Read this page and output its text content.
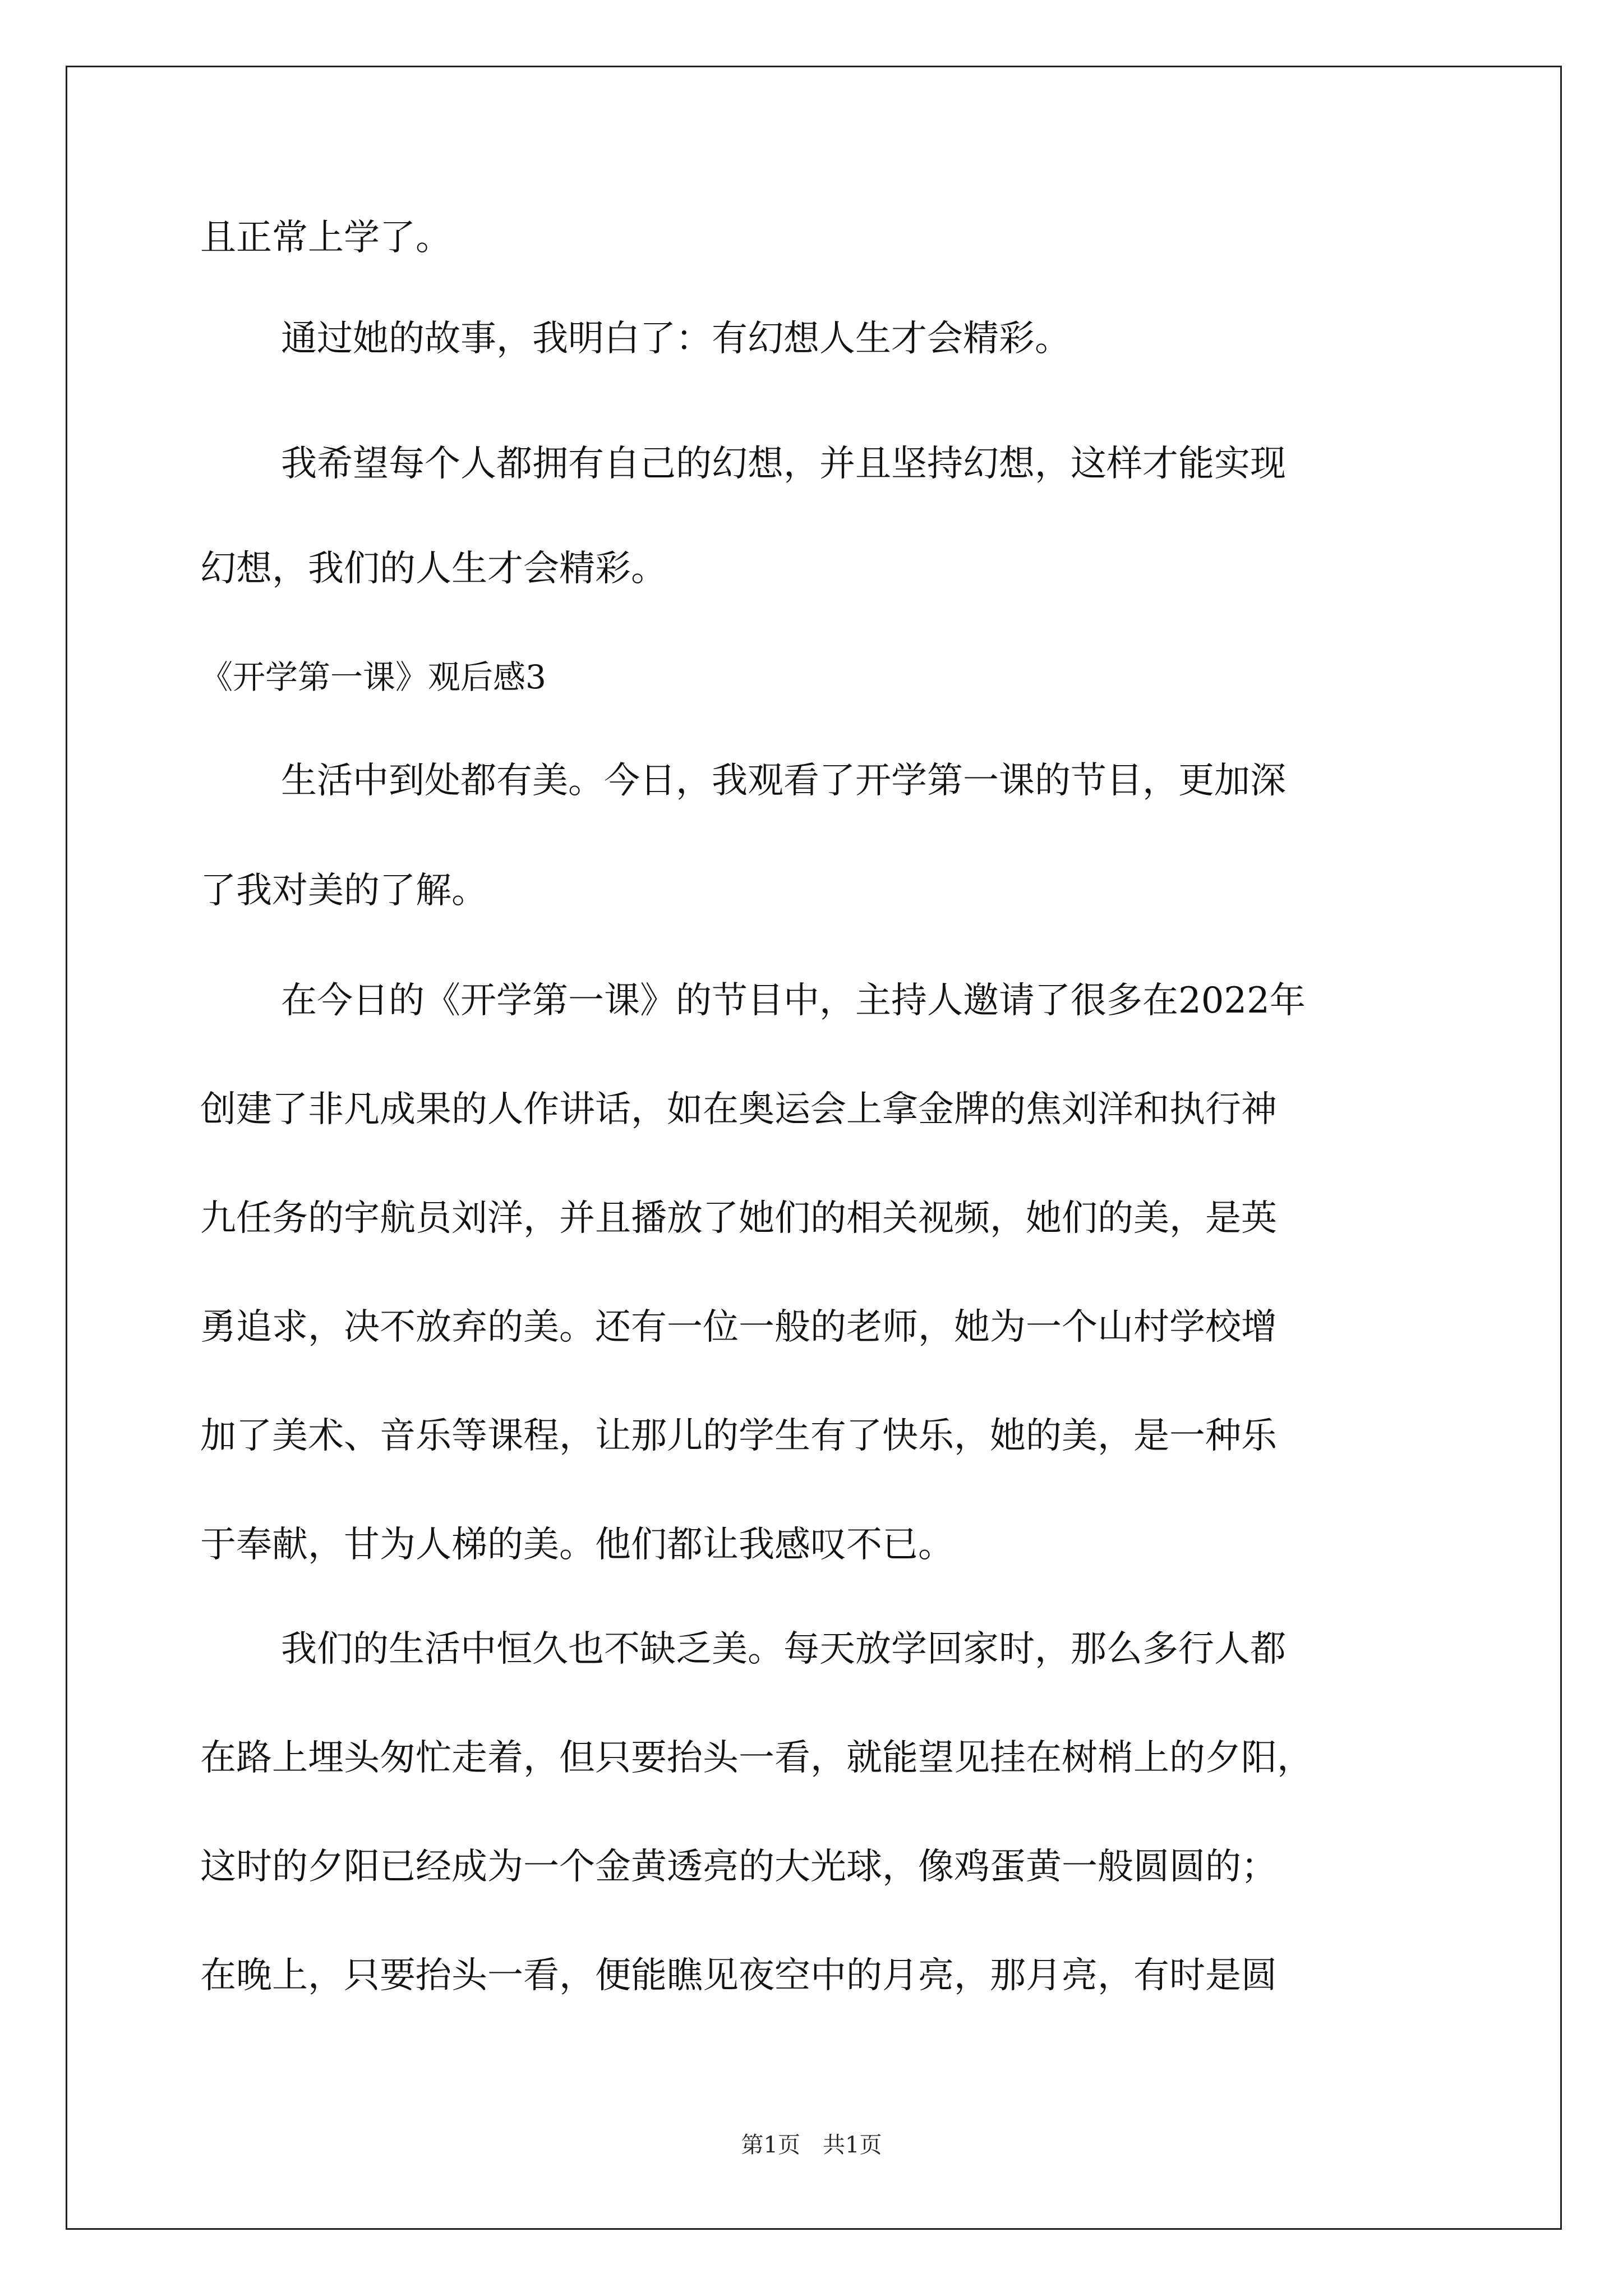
且正常上学了。
通过她的故事，我明白了：有幻想人生才会精彩。
我希望每个人都拥有自己的幻想，并且坚持幻想，这样才能实现
幻想，我们的人生才会精彩。
《开学第一课》观后感3
生活中到处都有美。今日，我观看了开学第一课的节目，更加深
了我对美的了解。
在今日的《开学第一课》的节目中，主持人邀请了很多在2022年
创建了非凡成果的人作讲话，如在奥运会上拿金牌的焦刘洋和执行神
九任务的宇航员刘洋，并且播放了她们的相关视频，她们的美，是英
勇追求，决不放弃的美。还有一位一般的老师，她为一个山村学校增
加了美术、音乐等课程，让那儿的学生有了快乐，她的美，是一种乐
于奉献，甘为人梯的美。他们都让我感叹不已。
我们的生活中恒久也不缺乏美。每天放学回家时，那么多行人都
在路上埋头匆忙走着，但只要抬头一看，就能望见挂在树梢上的夕阳，
这时的夕阳已经成为一个金黄透亮的大光球，像鸡蛋黄一般圆圆的；
在晚上，只要抬头一看，便能瞧见夜空中的月亮，那月亮，有时是圆
第1页　共1页
